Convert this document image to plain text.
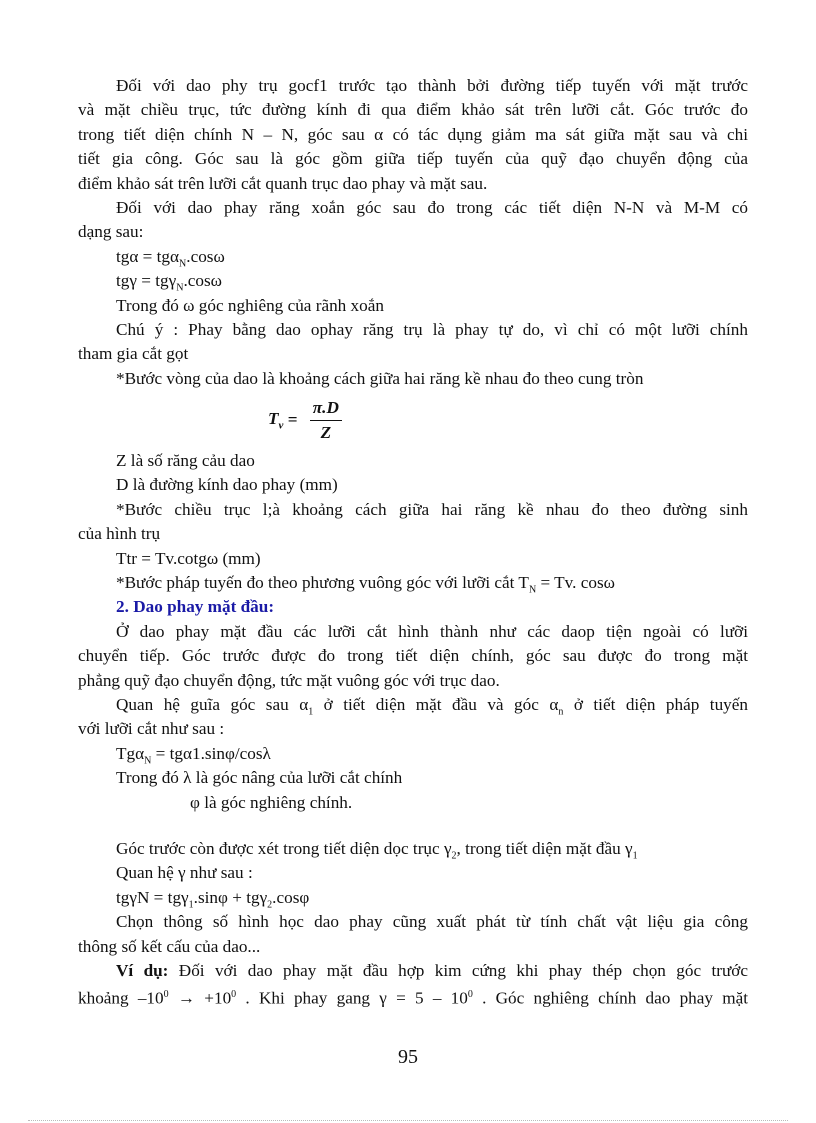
Đối với dao phy trụ gocf1 trước tạo thành bởi đường tiếp tuyến với mặt trước
và mặt chiều trục, tức đường kính đi qua điểm khảo sát trên lưỡi cắt. Góc trước đo
trong tiết diện chính N – N, góc sau α có tác dụng giảm ma sát giữa mặt sau và chi
tiết gia công. Góc sau là góc gồm giữa tiếp tuyến của quỹ đạo chuyển động của
điểm khảo sát trên lưỡi cắt quanh trục dao phay và mặt sau.
Đối với dao phay răng xoắn góc sau đo trong các tiết diện N-N và M-M có
dạng sau:
tgα = tgα$_N$.cosω
tgγ = tgγ$_N$.cosω
Trong đó ω góc nghiêng của rãnh xoắn
Chú ý : Phay bằng dao ophay răng trụ là phay tự do, vì chỉ có một lưỡi chính
tham gia cắt gọt
*Bước vòng của dao là khoảng cách giữa hai răng kề nhau đo theo cung tròn
$T_v = \frac{\pi.D}{Z}$
Z là số răng cảu dao
D là đường kính dao phay (mm)
*Bước chiều trục l;à khoảng cách giữa hai răng kề nhau đo theo đường sinh
của hình trụ
Ttr = Tv.cotgω (mm)
*Bước pháp tuyến đo theo phương vuông góc với lưỡi cắt $T_N = Tv$. cosω
2. Dao phay mặt đầu:
Ở dao phay mặt đầu các lưỡi cắt hình thành như các daop tiện ngoài có lưỡi
chuyển tiếp. Góc trước được đo trong tiết diện chính, góc sau được đo trong mặt
phẳng quỹ đạo chuyển động, tức mặt vuông góc với trục dao.
Quan hệ guĩa góc sau $\alpha_1$ ở tiết diện mặt đầu và góc $\alpha_n$ ở tiết diện pháp tuyến
với lưỡi cắt như sau :
Tgα$_N$ = tgα1.sinφ/cosλ
Trong đó λ là góc nâng của lưỡi cắt chính
φ là góc nghiêng chính.
Góc trước còn được xét trong tiết diện dọc trục $\gamma_2$, trong tiết diện mặt đầu $\gamma_1$
Quan hệ γ như sau :
tgγN = tgγ$_1$.sinφ + tgγ$_2$.cosφ
Chọn thông số hình học dao phay cũng xuất phát từ tính chất vật liệu gia công
thông số kết cấu của dao...
Ví dụ: Đối với dao phay mặt đầu hợp kim cứng khi phay thép chọn góc trước
khoảng $-10^0 \to +10^0$ . Khi phay gang $\gamma = 5 - 10^0$ . Góc nghiêng chính dao phay mặt
95
